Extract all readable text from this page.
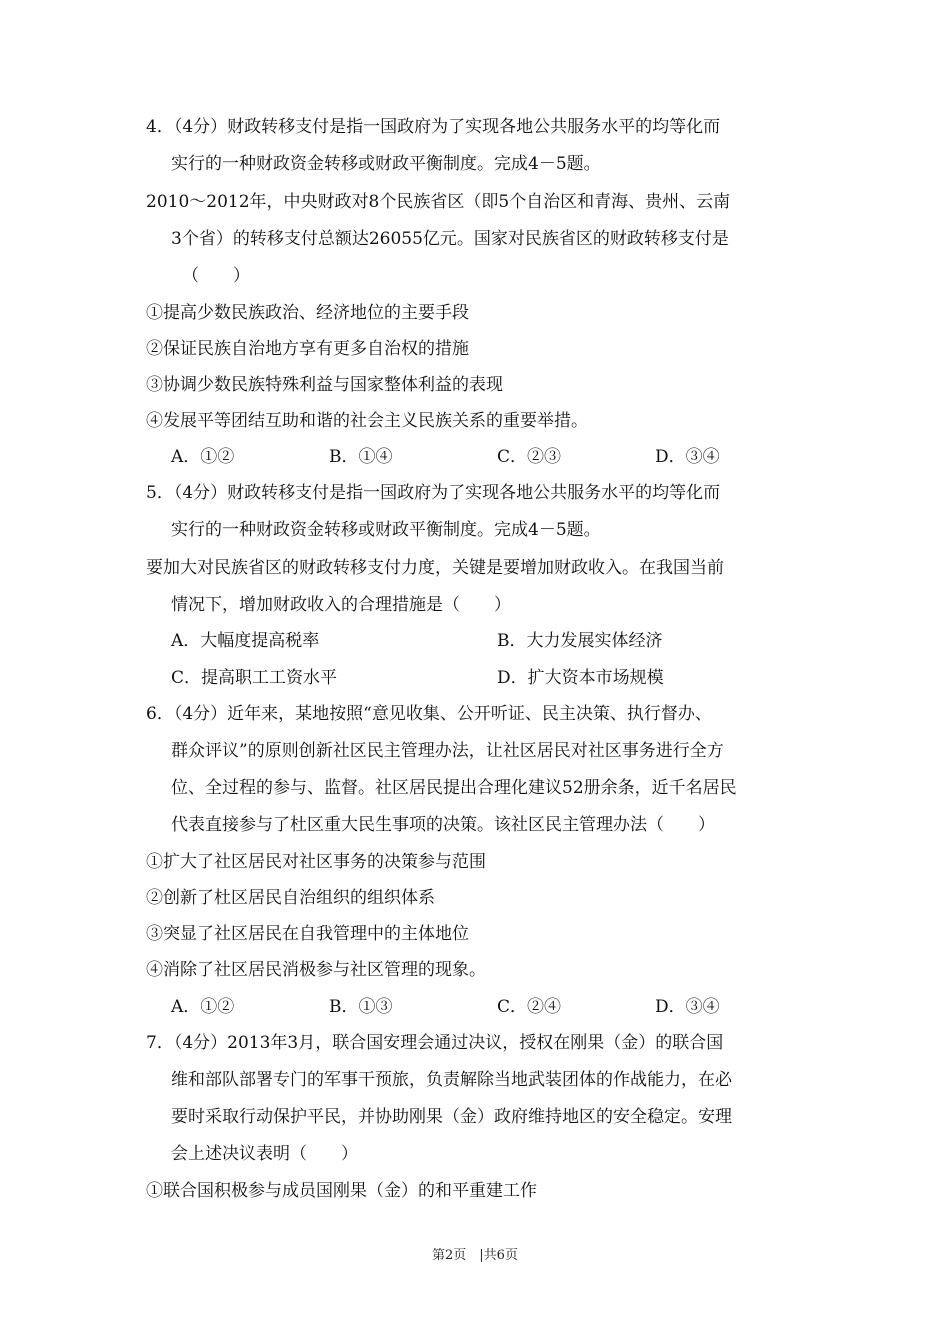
4．（4分）财政转移支付是指一国政府为了实现各地公共服务水平的均等化而
实行的一种财政资金转移或财政平衡制度。完成4－5题。
2010～2012年，中央财政对8个民族省区（即5个自治区和青海、贵州、云南
3个省）的转移支付总额达26055亿元。国家对民族省区的财政转移支付是
（　　）
①提高少数民族政治、经济地位的主要手段
②保证民族自治地方享有更多自治权的措施
③协调少数民族特殊利益与国家整体利益的表现
④发展平等团结互助和谐的社会主义民族关系的重要举措。
A．①②	B．①④	C．②③	D．③④
5．（4分）财政转移支付是指一国政府为了实现各地公共服务水平的均等化而
实行的一种财政资金转移或财政平衡制度。完成4－5题。
要加大对民族省区的财政转移支付力度，关键是要增加财政收入。在我国当前
情况下，增加财政收入的合理措施是（　　）
A．大幅度提高税率	B．大力发展实体经济
C．提高职工工资水平	D．扩大资本市场规模
6．（4分）近年来，某地按照“意见收集、公开听证、民主决策、执行督办、
群众评议”的原则创新社区民主管理办法，让社区居民对社区事务进行全方
位、全过程的参与、监督。社区居民提出合理化建议52册余条，近千名居民
代表直接参与了杜区重大民生事项的决策。该社区民主管理办法（　　）
①扩大了社区居民对社区事务的决策参与范围
②创新了杜区居民自治组织的组织体系
③突显了社区居民在自我管理中的主体地位
④消除了社区居民消极参与社区管理的现象。
A．①②	B．①③	C．②④	D．③④
7．（4分）2013年3月，联合国安理会通过决议，授权在刚果（金）的联合国
维和部队部署专门的军事干预旅，负责解除当地武装团体的作战能力，在必
要时采取行动保护平民，并协助刚果（金）政府维持地区的安全稳定。安理
会上述决议表明（　　）
①联合国积极参与成员国刚果（金）的和平重建工作
第2页　|共6页
